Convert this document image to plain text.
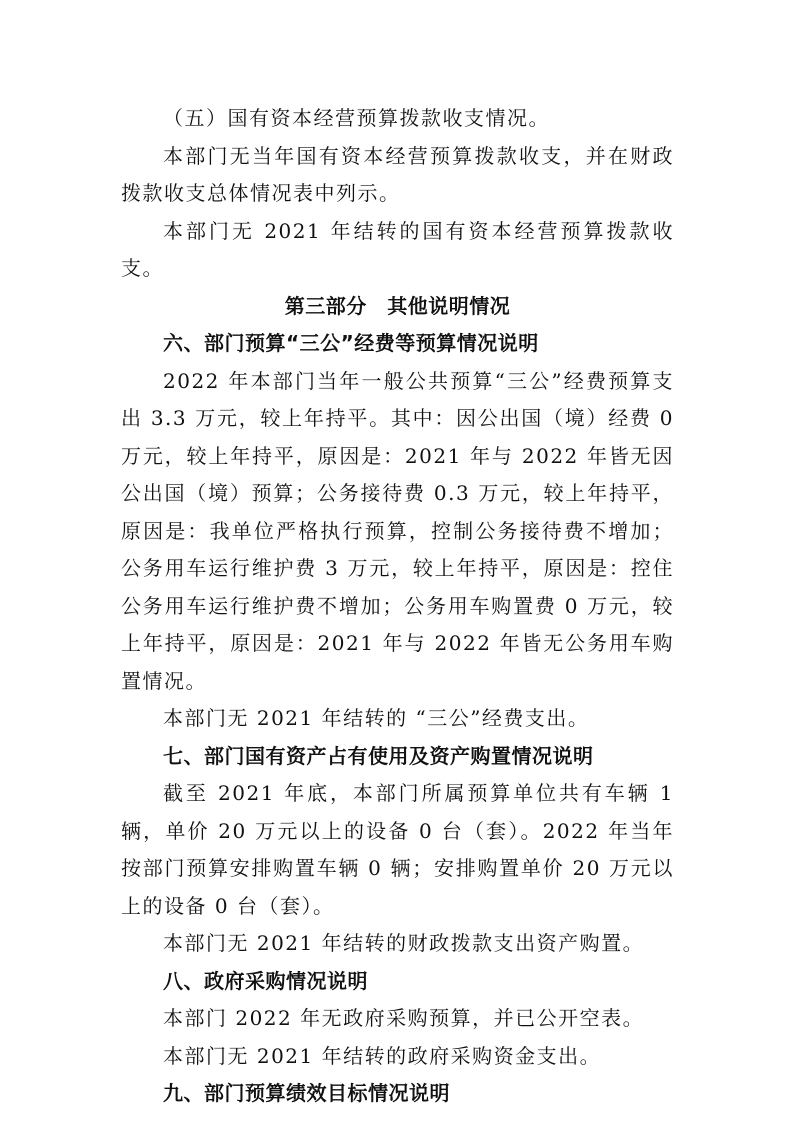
（五）国有资本经营预算拨款收支情况。

本部门无当年国有资本经营预算拨款收支，并在财政拨款收支总体情况表中列示。

本部门无 2021 年结转的国有资本经营预算拨款收支。

第三部分　其他说明情况

六、部门预算“三公”经费等预算情况说明

2022 年本部门当年一般公共预算“三公”经费预算支出 3.3 万元，较上年持平。其中：因公出国（境）经费 0 万元，较上年持平，原因是：2021 年与 2022 年皆无因公出国（境）预算；公务接待费 0.3 万元，较上年持平，原因是：我单位严格执行预算，控制公务接待费不增加；公务用车运行维护费 3 万元，较上年持平，原因是：控住公务用车运行维护费不增加；公务用车购置费 0 万元，较上年持平，原因是：2021 年与 2022 年皆无公务用车购置情况。

本部门无 2021 年结转的 “三公”经费支出。

七、部门国有资产占有使用及资产购置情况说明

截至 2021 年底，本部门所属预算单位共有车辆 1 辆，单价 20 万元以上的设备 0 台（套）。2022 年当年按部门预算安排购置车辆 0 辆；安排购置单价 20 万元以上的设备 0 台（套）。

本部门无 2021 年结转的财政拨款支出资产购置。

八、政府采购情况说明

本部门 2022 年无政府采购预算，并已公开空表。

本部门无 2021 年结转的政府采购资金支出。

九、部门预算绩效目标情况说明
